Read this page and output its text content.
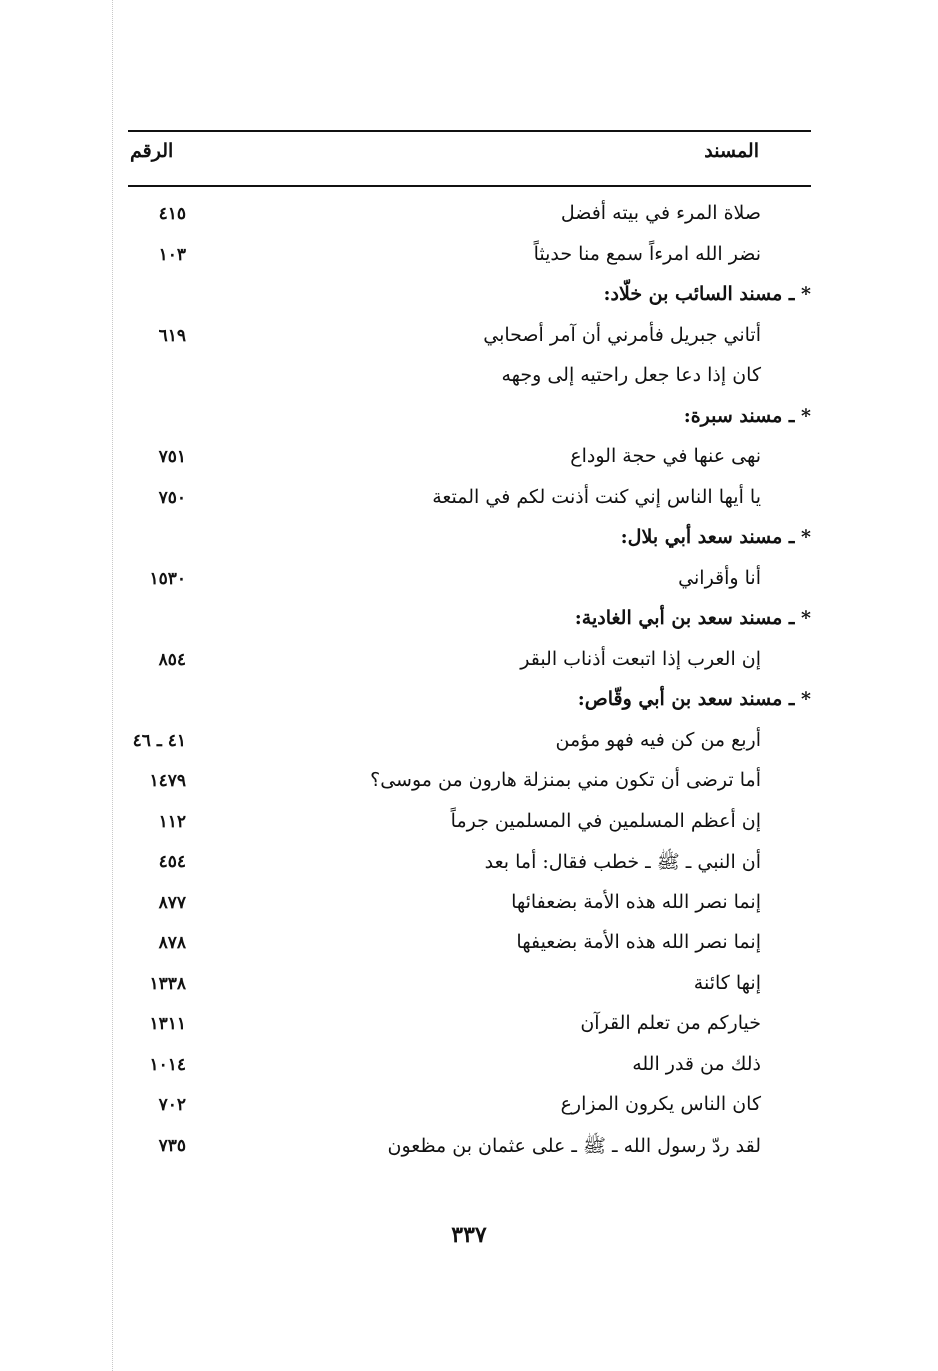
المسند
الرقم
صلاة المرء في بيته أفضل
٤١٥
نضر الله امرءاً سمع منا حديثاً
١٠٣
* ـ مسند السائب بن خلّاد:
أتاني جبريل فأمرني أن آمر أصحابي
٦١٩
كان إذا دعا جعل راحتيه إلى وجهه
* ـ مسند سبرة:
نهى عنها في حجة الوداع
٧٥١
يا أيها الناس إني كنت أذنت لكم في المتعة
٧٥٠
* ـ مسند سعد أبي بلال:
أنا وأقراني
١٥٣٠
* ـ مسند سعد بن أبي الغادية:
إن العرب إذا اتبعت أذناب البقر
٨٥٤
* ـ مسند سعد بن أبي وقّاص:
أربع من كن فيه فهو مؤمن
٤١ ـ ٤٦
أما ترضى أن تكون مني بمنزلة هارون من موسى؟
١٤٧٩
إن أعظم المسلمين في المسلمين جرماً
١١٢
أن النبي ـ ﷺ ـ خطب فقال: أما بعد
٤٥٤
إنما نصر الله هذه الأمة بضعفائها
٨٧٧
إنما نصر الله هذه الأمة بضعيفها
٨٧٨
إنها كائنة
١٣٣٨
خياركم من تعلم القرآن
١٣١١
ذلك من قدر الله
١٠١٤
كان الناس يكرون المزارع
٧٠٢
لقد ردّ رسول الله ـ ﷺ ـ على عثمان بن مظعون
٧٣٥
٣٣٧
